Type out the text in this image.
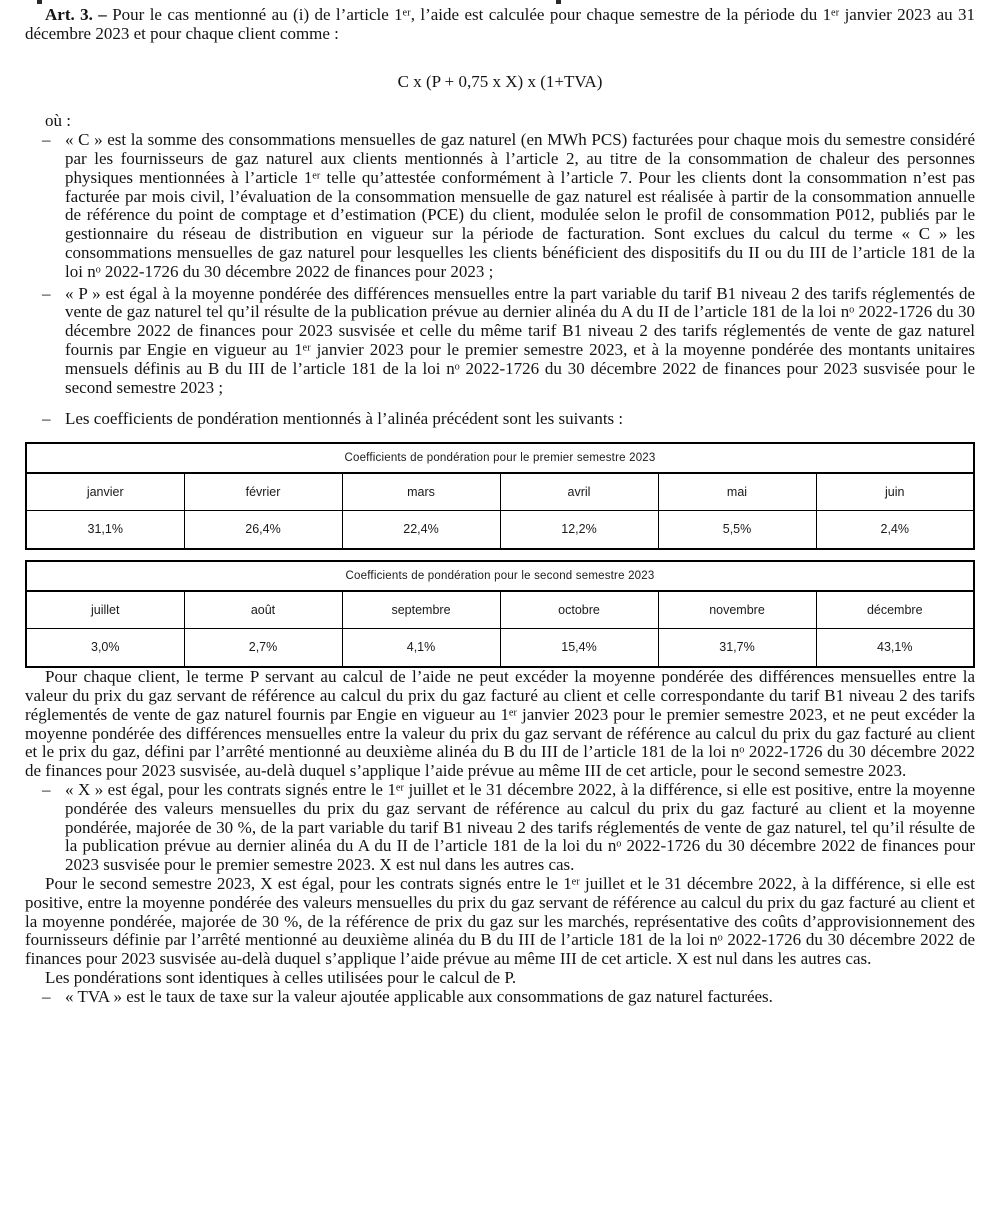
Art. 3. – Pour le cas mentionné au (i) de l’article 1ᵉʳ, l’aide est calculée pour chaque semestre de la période du 1ᵉʳ janvier 2023 au 31 décembre 2023 et pour chaque client comme :

C x (P + 0,75 x X) x (1+TVA)

où :

– « C » est la somme des consommations mensuelles de gaz naturel (en MWh PCS) facturées pour chaque mois du semestre considéré par les fournisseurs de gaz naturel aux clients mentionnés à l’article 2, au titre de la consommation de chaleur des personnes physiques mentionnées à l’article 1ᵉʳ telle qu’attestée conformément à l’article 7. Pour les clients dont la consommation n’est pas facturée par mois civil, l’évaluation de la consommation mensuelle de gaz naturel est réalisée à partir de la consommation annuelle de référence du point de comptage et d’estimation (PCE) du client, modulée selon le profil de consommation P012, publiés par le gestionnaire du réseau de distribution en vigueur sur la période de facturation. Sont exclues du calcul du terme « C » les consommations mensuelles de gaz naturel pour lesquelles les clients bénéficient des dispositifs du II ou du III de l’article 181 de la loi nᵒ 2022-1726 du 30 décembre 2022 de finances pour 2023 ;
– « P » est égal à la moyenne pondérée des différences mensuelles entre la part variable du tarif B1 niveau 2 des tarifs réglementés de vente de gaz naturel tel qu’il résulte de la publication prévue au dernier alinéa du A du II de l’article 181 de la loi nᵒ 2022-1726 du 30 décembre 2022 de finances pour 2023 susvisée et celle du même tarif B1 niveau 2 des tarifs réglementés de vente de gaz naturel fournis par Engie en vigueur au 1ᵉʳ janvier 2023 pour le premier semestre 2023, et à la moyenne pondérée des montants unitaires mensuels définis au B du III de l’article 181 de la loi nᵒ 2022-1726 du 30 décembre 2022 de finances pour 2023 susvisée pour le second semestre 2023 ;
– Les coefficients de pondération mentionnés à l’alinéa précédent sont les suivants :
Coefficients de pondération pour le premier semestre 2023					
janvier	février	mars	avril	mai	juin
31,1%	26,4%	22,4%	12,2%	5,5%	2,4%
Coefficients de pondération pour le second semestre 2023					
juillet	août	septembre	octobre	novembre	décembre
3,0%	2,7%	4,1%	15,4%	31,7%	43,1%

Pour chaque client, le terme P servant au calcul de l’aide ne peut excéder la moyenne pondérée des différences mensuelles entre la valeur du prix du gaz servant de référence au calcul du prix du gaz facturé au client et celle correspondante du tarif B1 niveau 2 des tarifs réglementés de vente de gaz naturel fournis par Engie en vigueur au 1ᵉʳ janvier 2023 pour le premier semestre 2023, et ne peut excéder la moyenne pondérée des différences mensuelles entre la valeur du prix du gaz servant de référence au calcul du prix du gaz facturé au client et le prix du gaz, défini par l’arrêté mentionné au deuxième alinéa du B du III de l’article 181 de la loi nᵒ 2022-1726 du 30 décembre 2022 de finances pour 2023 susvisée, au-delà duquel s’applique l’aide prévue au même III de cet article, pour le second semestre 2023.

– « X » est égal, pour les contrats signés entre le 1ᵉʳ juillet et le 31 décembre 2022, à la différence, si elle est positive, entre la moyenne pondérée des valeurs mensuelles du prix du gaz servant de référence au calcul du prix du gaz facturé au client et la moyenne pondérée, majorée de 30 %, de la part variable du tarif B1 niveau 2 des tarifs réglementés de vente de gaz naturel, tel qu’il résulte de la publication prévue au dernier alinéa du A du II de l’article 181 de la loi du nᵒ 2022-1726 du 30 décembre 2022 de finances pour 2023 susvisée pour le premier semestre 2023. X est nul dans les autres cas.

Pour le second semestre 2023, X est égal, pour les contrats signés entre le 1ᵉʳ juillet et le 31 décembre 2022, à la différence, si elle est positive, entre la moyenne pondérée des valeurs mensuelles du prix du gaz servant de référence au calcul du prix du gaz facturé au client et la moyenne pondérée, majorée de 30 %, de la référence de prix du gaz sur les marchés, représentative des coûts d’approvisionnement des fournisseurs définie par l’arrêté mentionné au deuxième alinéa du B du III de l’article 181 de la loi nᵒ 2022-1726 du 30 décembre 2022 de finances pour 2023 susvisée au-delà duquel s’applique l’aide prévue au même III de cet article. X est nul dans les autres cas.

Les pondérations sont identiques à celles utilisées pour le calcul de P.

– « TVA » est le taux de taxe sur la valeur ajoutée applicable aux consommations de gaz naturel facturées.
